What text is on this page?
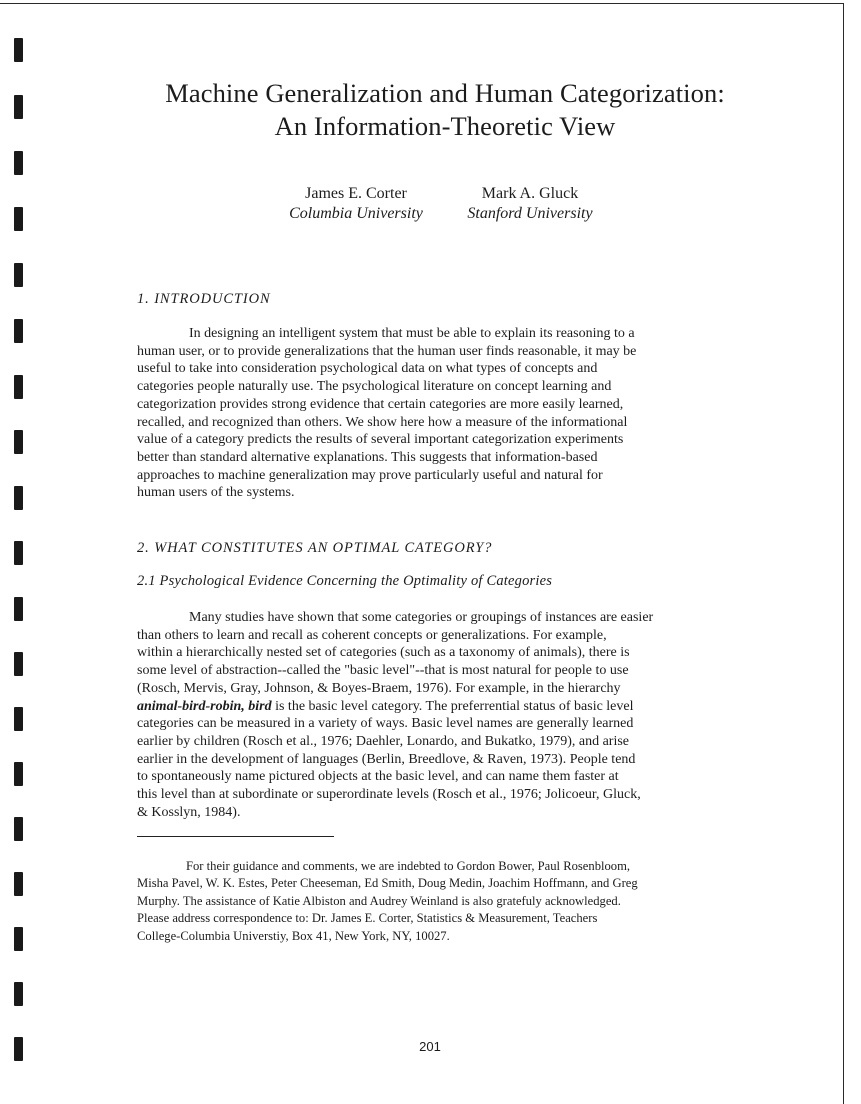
Machine Generalization and Human Categorization:
An Information-Theoretic View
James E. Corter
Columbia University
Mark A. Gluck
Stanford University
1. INTRODUCTION
In designing an intelligent system that must be able to explain its reasoning to a
human user, or to provide generalizations that the human user finds reasonable, it may be
useful to take into consideration psychological data on what types of concepts and
categories people naturally use. The psychological literature on concept learning and
categorization provides strong evidence that certain categories are more easily learned,
recalled, and recognized than others. We show here how a measure of the informational
value of a category predicts the results of several important categorization experiments
better than standard alternative explanations. This suggests that information-based
approaches to machine generalization may prove particularly useful and natural for
human users of the systems.
2. WHAT CONSTITUTES AN OPTIMAL CATEGORY?
2.1 Psychological Evidence Concerning the Optimality of Categories
Many studies have shown that some categories or groupings of instances are easier
than others to learn and recall as coherent concepts or generalizations. For example,
within a hierarchically nested set of categories (such as a taxonomy of animals), there is
some level of abstraction--called the "basic level"--that is most natural for people to use
(Rosch, Mervis, Gray, Johnson, & Boyes-Braem, 1976). For example, in the hierarchy
animal-bird-robin, bird is the basic level category. The preferrential status of basic level
categories can be measured in a variety of ways. Basic level names are generally learned
earlier by children (Rosch et al., 1976; Daehler, Lonardo, and Bukatko, 1979), and arise
earlier in the development of languages (Berlin, Breedlove, & Raven, 1973). People tend
to spontaneously name pictured objects at the basic level, and can name them faster at
this level than at subordinate or superordinate levels (Rosch et al., 1976; Jolicoeur, Gluck,
& Kosslyn, 1984).
For their guidance and comments, we are indebted to Gordon Bower, Paul Rosenbloom,
Misha Pavel, W. K. Estes, Peter Cheeseman, Ed Smith, Doug Medin, Joachim Hoffmann, and Greg
Murphy. The assistance of Katie Albiston and Audrey Weinland is also gratefuly acknowledged.
Please address correspondence to: Dr. James E. Corter, Statistics & Measurement, Teachers
College-Columbia Universtiy, Box 41, New York, NY, 10027.
201
